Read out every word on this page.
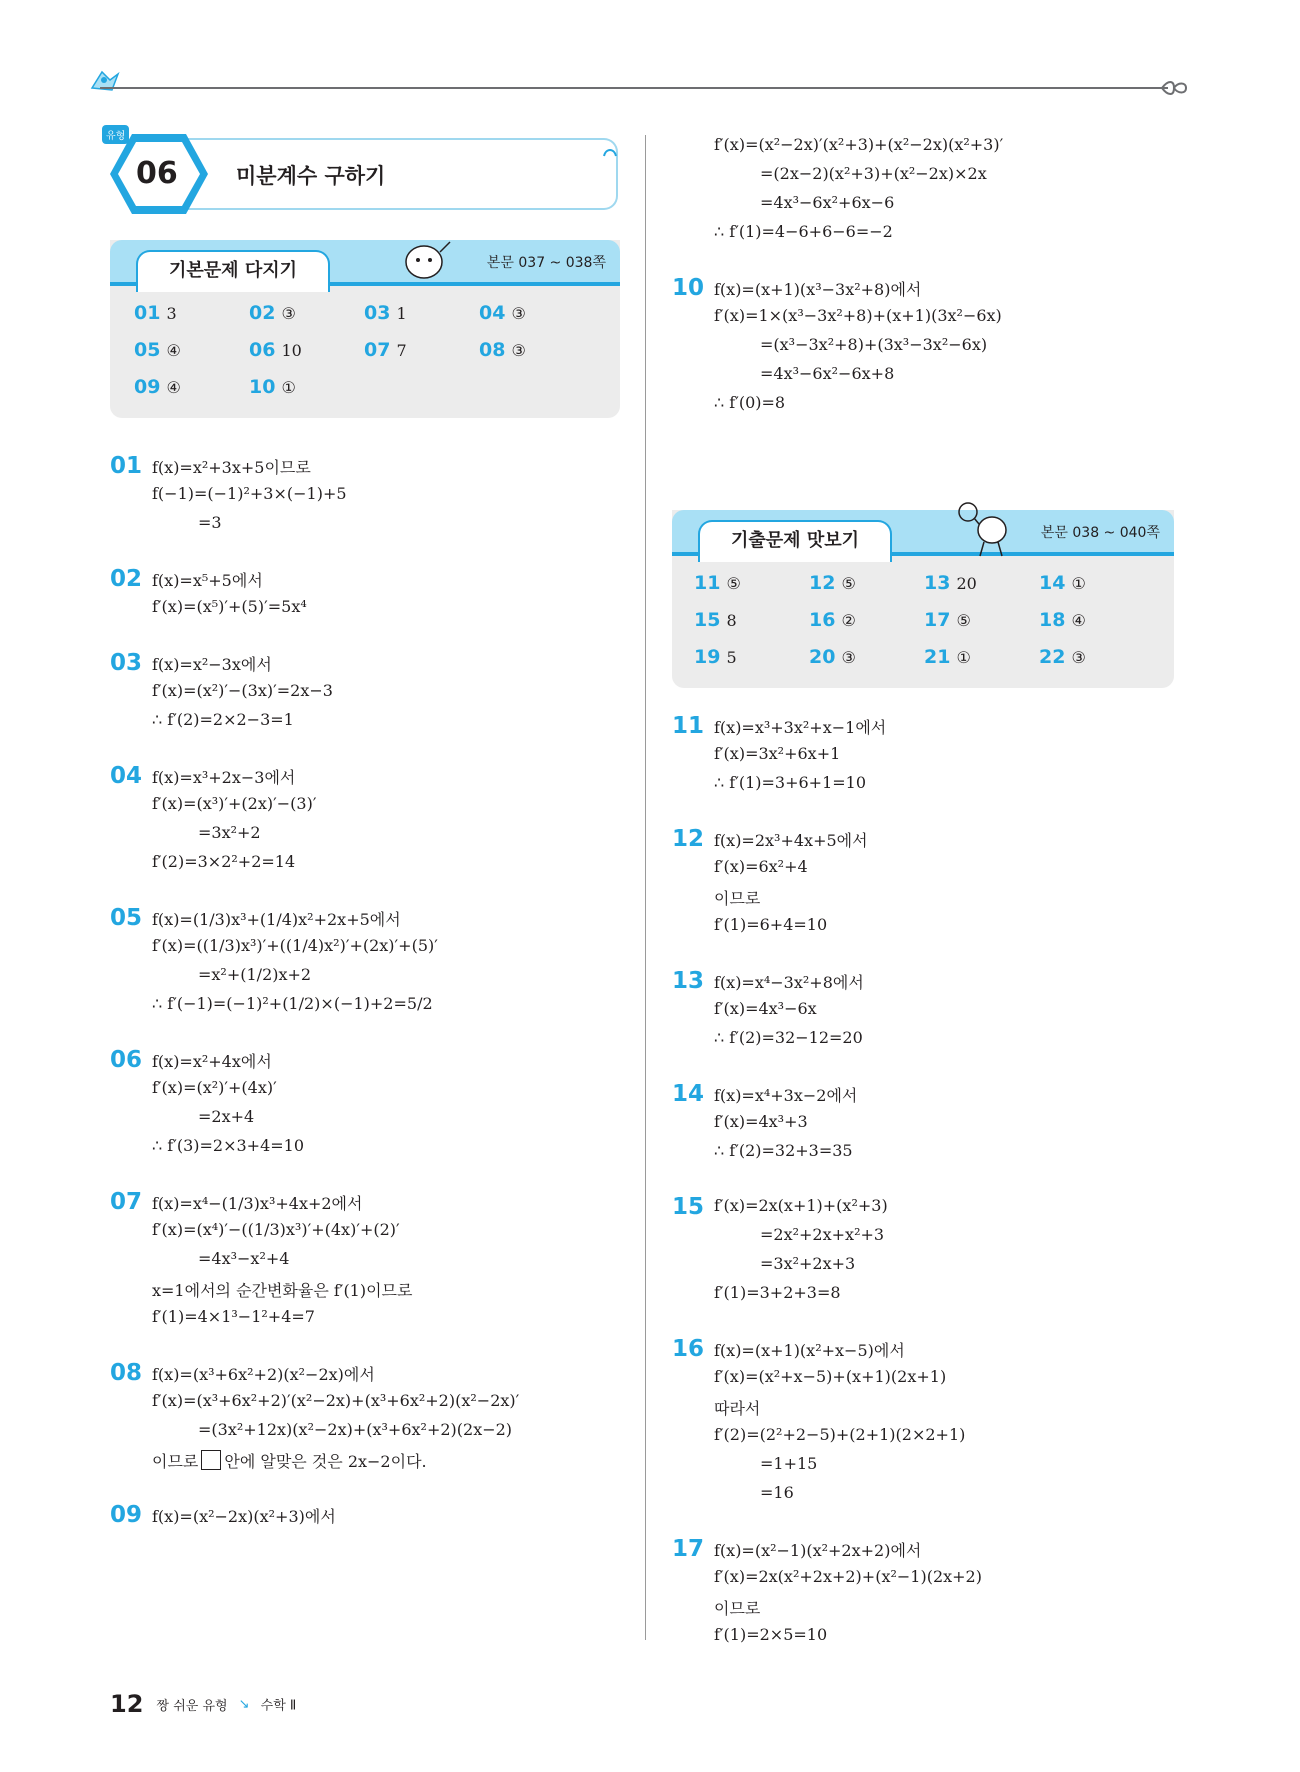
06
유형
미분계수 구하기
기본문제 다지기	본문 037 ~ 038쪽
01 3	02 ③	03 1	04 ③
05 ④	06 10	07 7	08 ③
09 ④	10 ①
기출문제 맛보기	본문 038 ~ 040쪽
11 ⑤	12 ⑤	13 20	14 ①
15 8	16 ②	17 ⑤	18 ④
19 5	20 ③	21 ①	22 ③
01 f(x)=x²+3x+5이므로
f(−1)=(−1)²+3×(−1)+5
=3
02 f(x)=x⁵+5에서
f′(x)=(x⁵)′+(5)′=5x⁴
03 f(x)=x²−3x에서
f′(x)=(x²)′−(3x)′=2x−3
∴ f′(2)=2×2−3=1
04 f(x)=x³+2x−3에서
f′(x)=(x³)′+(2x)′−(3)′
=3x²+2
f′(2)=3×2²+2=14
05 f(x)=(1/3)x³+(1/4)x²+2x+5에서
f′(x)=((1/3)x³)′+((1/4)x²)′+(2x)′+(5)′
=x²+(1/2)x+2
∴ f′(−1)=(−1)²+(1/2)×(−1)+2=5/2
06 f(x)=x²+4x에서
f′(x)=(x²)′+(4x)′
=2x+4
∴ f′(3)=2×3+4=10
07 f(x)=x⁴−(1/3)x³+4x+2에서
f′(x)=(x⁴)′−((1/3)x³)′+(4x)′+(2)′
=4x³−x²+4
x=1에서의 순간변화율은 f′(1)이므로
f′(1)=4×1³−1²+4=7
08 f(x)=(x³+6x²+2)(x²−2x)에서
f′(x)=(x³+6x²+2)′(x²−2x)+(x³+6x²+2)(x²−2x)′
=(3x²+12x)(x²−2x)+(x³+6x²+2)(2x−2)
이므로 안에 알맞은 것은 2x−2이다.
09 f(x)=(x²−2x)(x²+3)에서
f′(x)=(x²−2x)′(x²+3)+(x²−2x)(x²+3)′
=(2x−2)(x²+3)+(x²−2x)×2x
=4x³−6x²+6x−6
∴ f′(1)=4−6+6−6=−2
10 f(x)=(x+1)(x³−3x²+8)에서
f′(x)=1×(x³−3x²+8)+(x+1)(3x²−6x)
=(x³−3x²+8)+(3x³−3x²−6x)
=4x³−6x²−6x+8
∴ f′(0)=8
11 f(x)=x³+3x²+x−1에서
f′(x)=3x²+6x+1
∴ f′(1)=3+6+1=10
12 f(x)=2x³+4x+5에서
f′(x)=6x²+4
이므로
f′(1)=6+4=10
13 f(x)=x⁴−3x²+8에서
f′(x)=4x³−6x
∴ f′(2)=32−12=20
14 f(x)=x⁴+3x−2에서
f′(x)=4x³+3
∴ f′(2)=32+3=35
15 f′(x)=2x(x+1)+(x²+3)
=2x²+2x+x²+3
=3x²+2x+3
f′(1)=3+2+3=8
16 f(x)=(x+1)(x²+x−5)에서
f′(x)=(x²+x−5)+(x+1)(2x+1)
따라서
f′(2)=(2²+2−5)+(2+1)(2×2+1)
=1+15
=16
17 f(x)=(x²−1)(x²+2x+2)에서
f′(x)=2x(x²+2x+2)+(x²−1)(2x+2)
이므로
f′(1)=2×5=10
12 짱 쉬운 유형 ↘ 수학 Ⅱ
